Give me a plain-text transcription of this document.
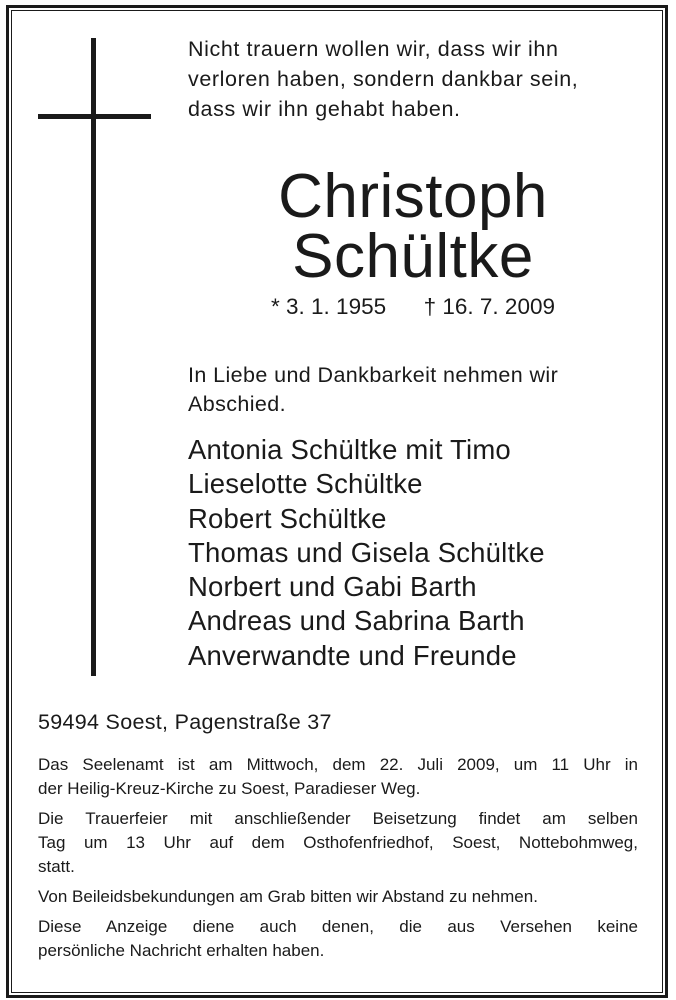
Nicht trauern wollen wir, dass wir ihn
verloren haben, sondern dankbar sein,
dass wir ihn gehabt haben.
Christoph
Schültke
* 3. 1. 1955      † 16. 7. 2009
In Liebe und Dankbarkeit nehmen wir
Abschied.
Antonia Schültke mit Timo
Lieselotte Schültke
Robert Schültke
Thomas und Gisela Schültke
Norbert und Gabi Barth
Andreas und Sabrina Barth
Anverwandte und Freunde
59494 Soest, Pagenstraße 37

Das Seelenamt ist am Mittwoch, dem 22. Juli 2009, um 11 Uhr in
der Heilig-Kreuz-Kirche zu Soest, Paradieser Weg.

Die Trauerfeier mit anschließender Beisetzung findet am selben
Tag um 13 Uhr auf dem Osthofenfriedhof, Soest, Nottebohmweg,
statt.

Von Beileidsbekundungen am Grab bitten wir Abstand zu nehmen.

Diese Anzeige diene auch denen, die aus Versehen keine
persönliche Nachricht erhalten haben.
